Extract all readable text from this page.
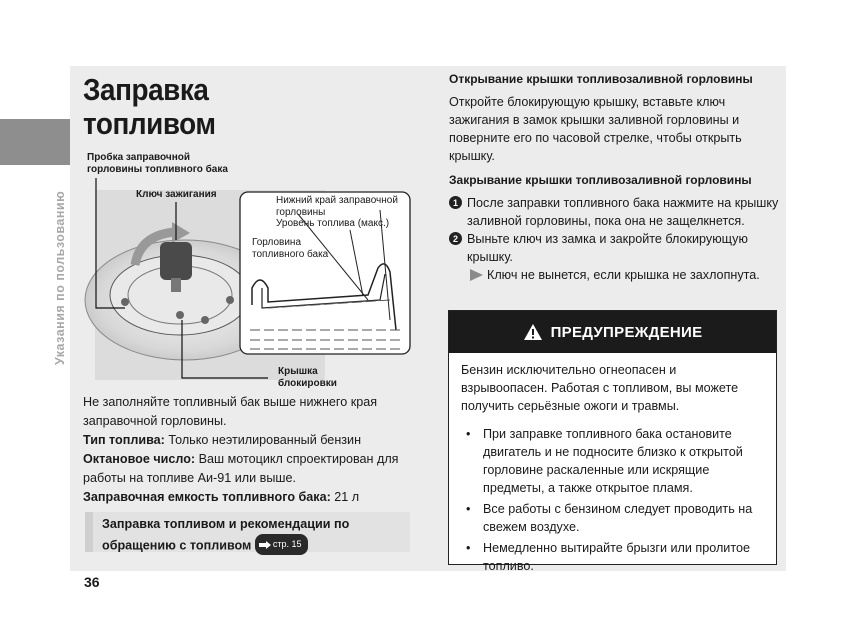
Указания по пользованию
Заправка
топливом
Пробка заправочной
горловины топливного бака
Ключ зажигания
Нижний край заправочной
горловины
Уровень топлива (макс.)
Горловина
топливного бака
Крышка
блокировки

Не заполняйте топливный бак выше нижнего края заправочной горловины.

Тип топлива: Только неэтилированный бензин

Октановое число: Ваш мотоцикл спроектирован для работы на топливе Аи-91 или выше.

Заправочная емкость топливного бака: 21 л

Заправка топливом и рекомендации по обращению с топливом стр. 15
Открывание крышки топливозаливной горловины

Откройте блокирующую крышку, вставьте ключ зажигания в замок крышки заливной горловины и поверните его по часовой стрелке, чтобы открыть крышку.

Закрывание крышки топливозаливной горловины
1 После заправки топливного бака нажмите на крышку заливной горловины, пока она не защелкнется.
2 Выньте ключ из замка и закройте блокирующую крышку.
Ключ не вынется, если крышка не захлопнута.
ПРЕДУПРЕЖДЕНИЕ

Бензин исключительно огнеопасен и взрывоопасен. Работая с топливом, вы можете получить серьёзные ожоги и травмы.

• При заправке топливного бака остановите двигатель и не подносите близко к открытой горловине раскаленные или искрящие предметы, а также открытое пламя.
• Все работы с бензином следует проводить на свежем воздухе.
• Немедленно вытирайте брызги или пролитое топливо.
36
